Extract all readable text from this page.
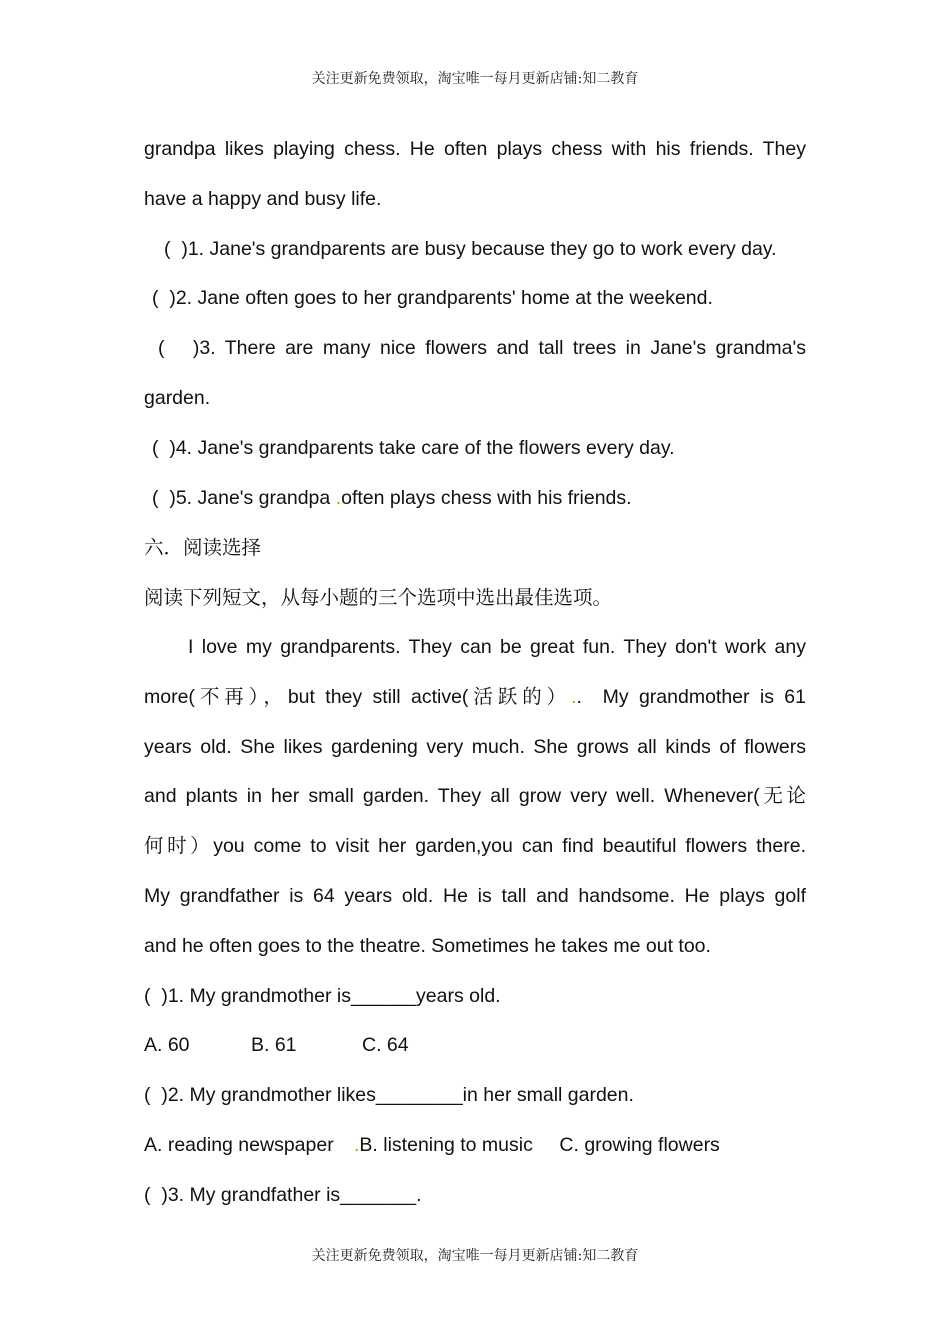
关注更新免费领取，淘宝唯一每月更新店铺:知二教育
grandpa likes playing chess. He often plays chess with his friends. They
have a happy and busy life.
(  )1. Jane's grandparents are busy because they go to work every day.
(  )2. Jane often goes to her grandparents' home at the weekend.
(   )3. There are many nice flowers and tall trees in Jane's grandma's
garden.
(  )4. Jane's grandparents take care of the flowers every day.
(  )5. Jane's grandpa .often plays chess with his friends.
六．阅读选择
阅读下列短文，从每小题的三个选项中选出最佳选项。
I love my grandparents. They can be great fun. They don't work any
more(不再），but they still active(活跃的）..  My grandmother is 61
years old. She likes gardening very much. She grows all kinds of flowers
and plants in her small garden. They all grow very well. Whenever(无论
何时）you come to visit her garden,you can find beautiful flowers there.
My grandfather is 64 years old. He is tall and handsome. He plays golf
and he often goes to the theatre. Sometimes he takes me out too.
(  )1. My grandmother is______years old.
A. 60	B. 61	C. 64
(  )2. My grandmother likes________in her small garden.
A. reading newspaper .B. listening to music C. growing flowers
(  )3. My grandfather is_______.
关注更新免费领取，淘宝唯一每月更新店铺:知二教育
